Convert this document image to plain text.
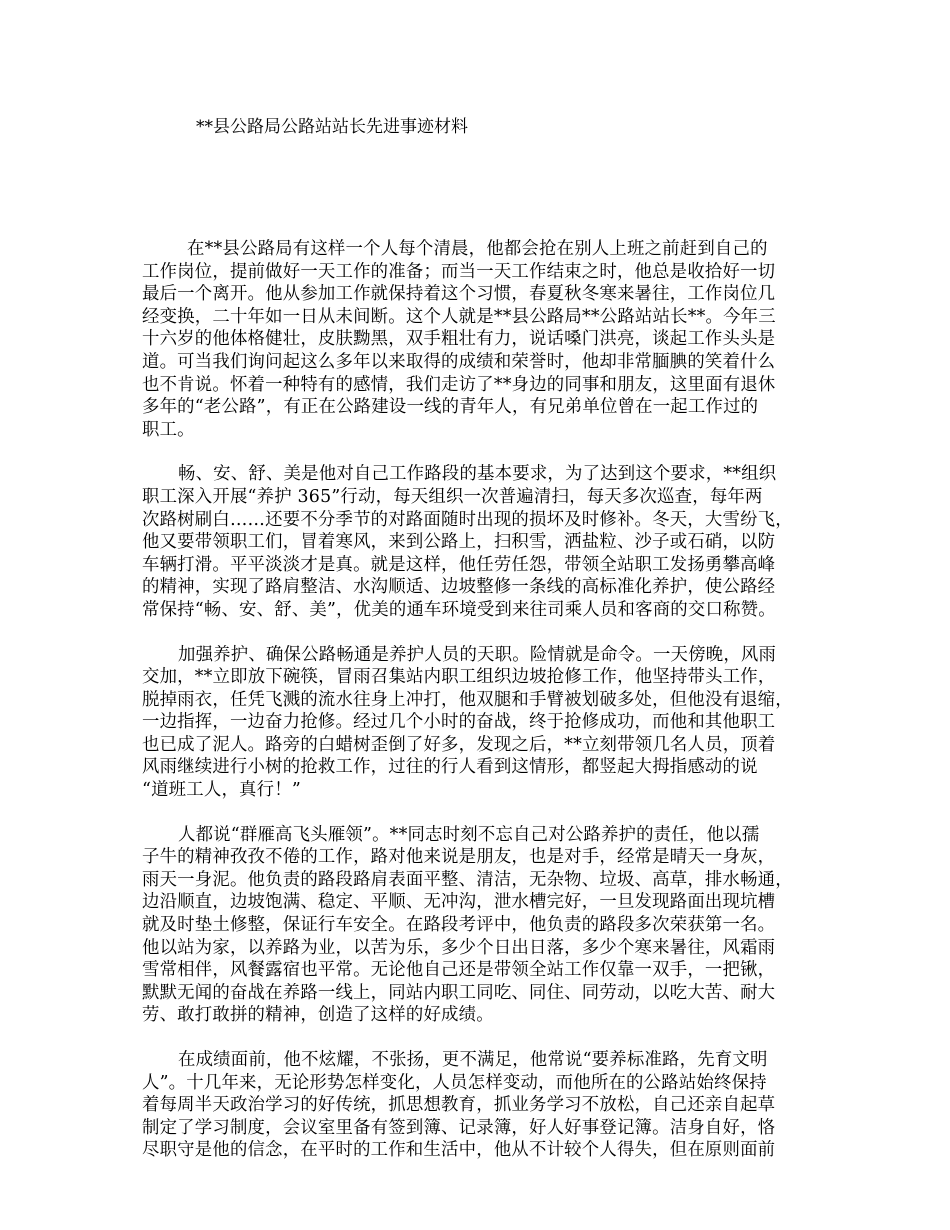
**县公路局公路站站长先进事迹材料

在**县公路局有这样一个人每个清晨，他都会抢在别人上班之前赶到自己的
工作岗位，提前做好一天工作的准备；而当一天工作结束之时，他总是收拾好一切
最后一个离开。他从参加工作就保持着这个习惯，春夏秋冬寒来暑往，工作岗位几
经变换，二十年如一日从未间断。这个人就是**县公路局**公路站站长**。今年三
十六岁的他体格健壮，皮肤黝黑，双手粗壮有力，说话嗓门洪亮，谈起工作头头是
道。可当我们询问起这么多年以来取得的成绩和荣誉时，他却非常腼腆的笑着什么
也不肯说。怀着一种特有的感情，我们走访了**身边的同事和朋友，这里面有退休
多年的“老公路”，有正在公路建设一线的青年人，有兄弟单位曾在一起工作过的
职工。

畅、安、舒、美是他对自己工作路段的基本要求，为了达到这个要求，**组织
职工深入开展“养护 365”行动，每天组织一次普遍清扫，每天多次巡查，每年两
次路树刷白……还要不分季节的对路面随时出现的损坏及时修补。冬天，大雪纷飞，
他又要带领职工们，冒着寒风，来到公路上，扫积雪，洒盐粒、沙子或石硝，以防
车辆打滑。平平淡淡才是真。就是这样，他任劳任怨，带领全站职工发扬勇攀高峰
的精神，实现了路肩整洁、水沟顺适、边坡整修一条线的高标准化养护，使公路经
常保持“畅、安、舒、美”，优美的通车环境受到来往司乘人员和客商的交口称赞。

加强养护、确保公路畅通是养护人员的天职。险情就是命令。一天傍晚，风雨
交加，**立即放下碗筷，冒雨召集站内职工组织边坡抢修工作，他坚持带头工作，
脱掉雨衣，任凭飞溅的流水往身上冲打，他双腿和手臂被划破多处，但他没有退缩，
一边指挥，一边奋力抢修。经过几个小时的奋战，终于抢修成功，而他和其他职工
也已成了泥人。路旁的白蜡树歪倒了好多，发现之后，**立刻带领几名人员，顶着
风雨继续进行小树的抢救工作，过往的行人看到这情形，都竖起大拇指感动的说
“道班工人，真行！”

人都说“群雁高飞头雁领”。**同志时刻不忘自己对公路养护的责任，他以孺
子牛的精神孜孜不倦的工作，路对他来说是朋友，也是对手，经常是晴天一身灰，
雨天一身泥。他负责的路段路肩表面平整、清洁，无杂物、垃圾、高草，排水畅通，
边沿顺直，边坡饱满、稳定、平顺、无冲沟，泄水槽完好，一旦发现路面出现坑槽
就及时垫土修整，保证行车安全。在路段考评中，他负责的路段多次荣获第一名。
他以站为家，以养路为业，以苦为乐，多少个日出日落，多少个寒来暑往，风霜雨
雪常相伴，风餐露宿也平常。无论他自己还是带领全站工作仅靠一双手，一把锹，
默默无闻的奋战在养路一线上，同站内职工同吃、同住、同劳动，以吃大苦、耐大
劳、敢打敢拼的精神，创造了这样的好成绩。

在成绩面前，他不炫耀，不张扬，更不满足，他常说“要养标准路，先育文明
人”。十几年来，无论形势怎样变化，人员怎样变动，而他所在的公路站始终保持
着每周半天政治学习的好传统，抓思想教育，抓业务学习不放松，自己还亲自起草
制定了学习制度，会议室里备有签到簿、记录簿，好人好事登记簿。洁身自好，恪
尽职守是他的信念，在平时的工作和生活中，他从不计较个人得失，但在原则面前
